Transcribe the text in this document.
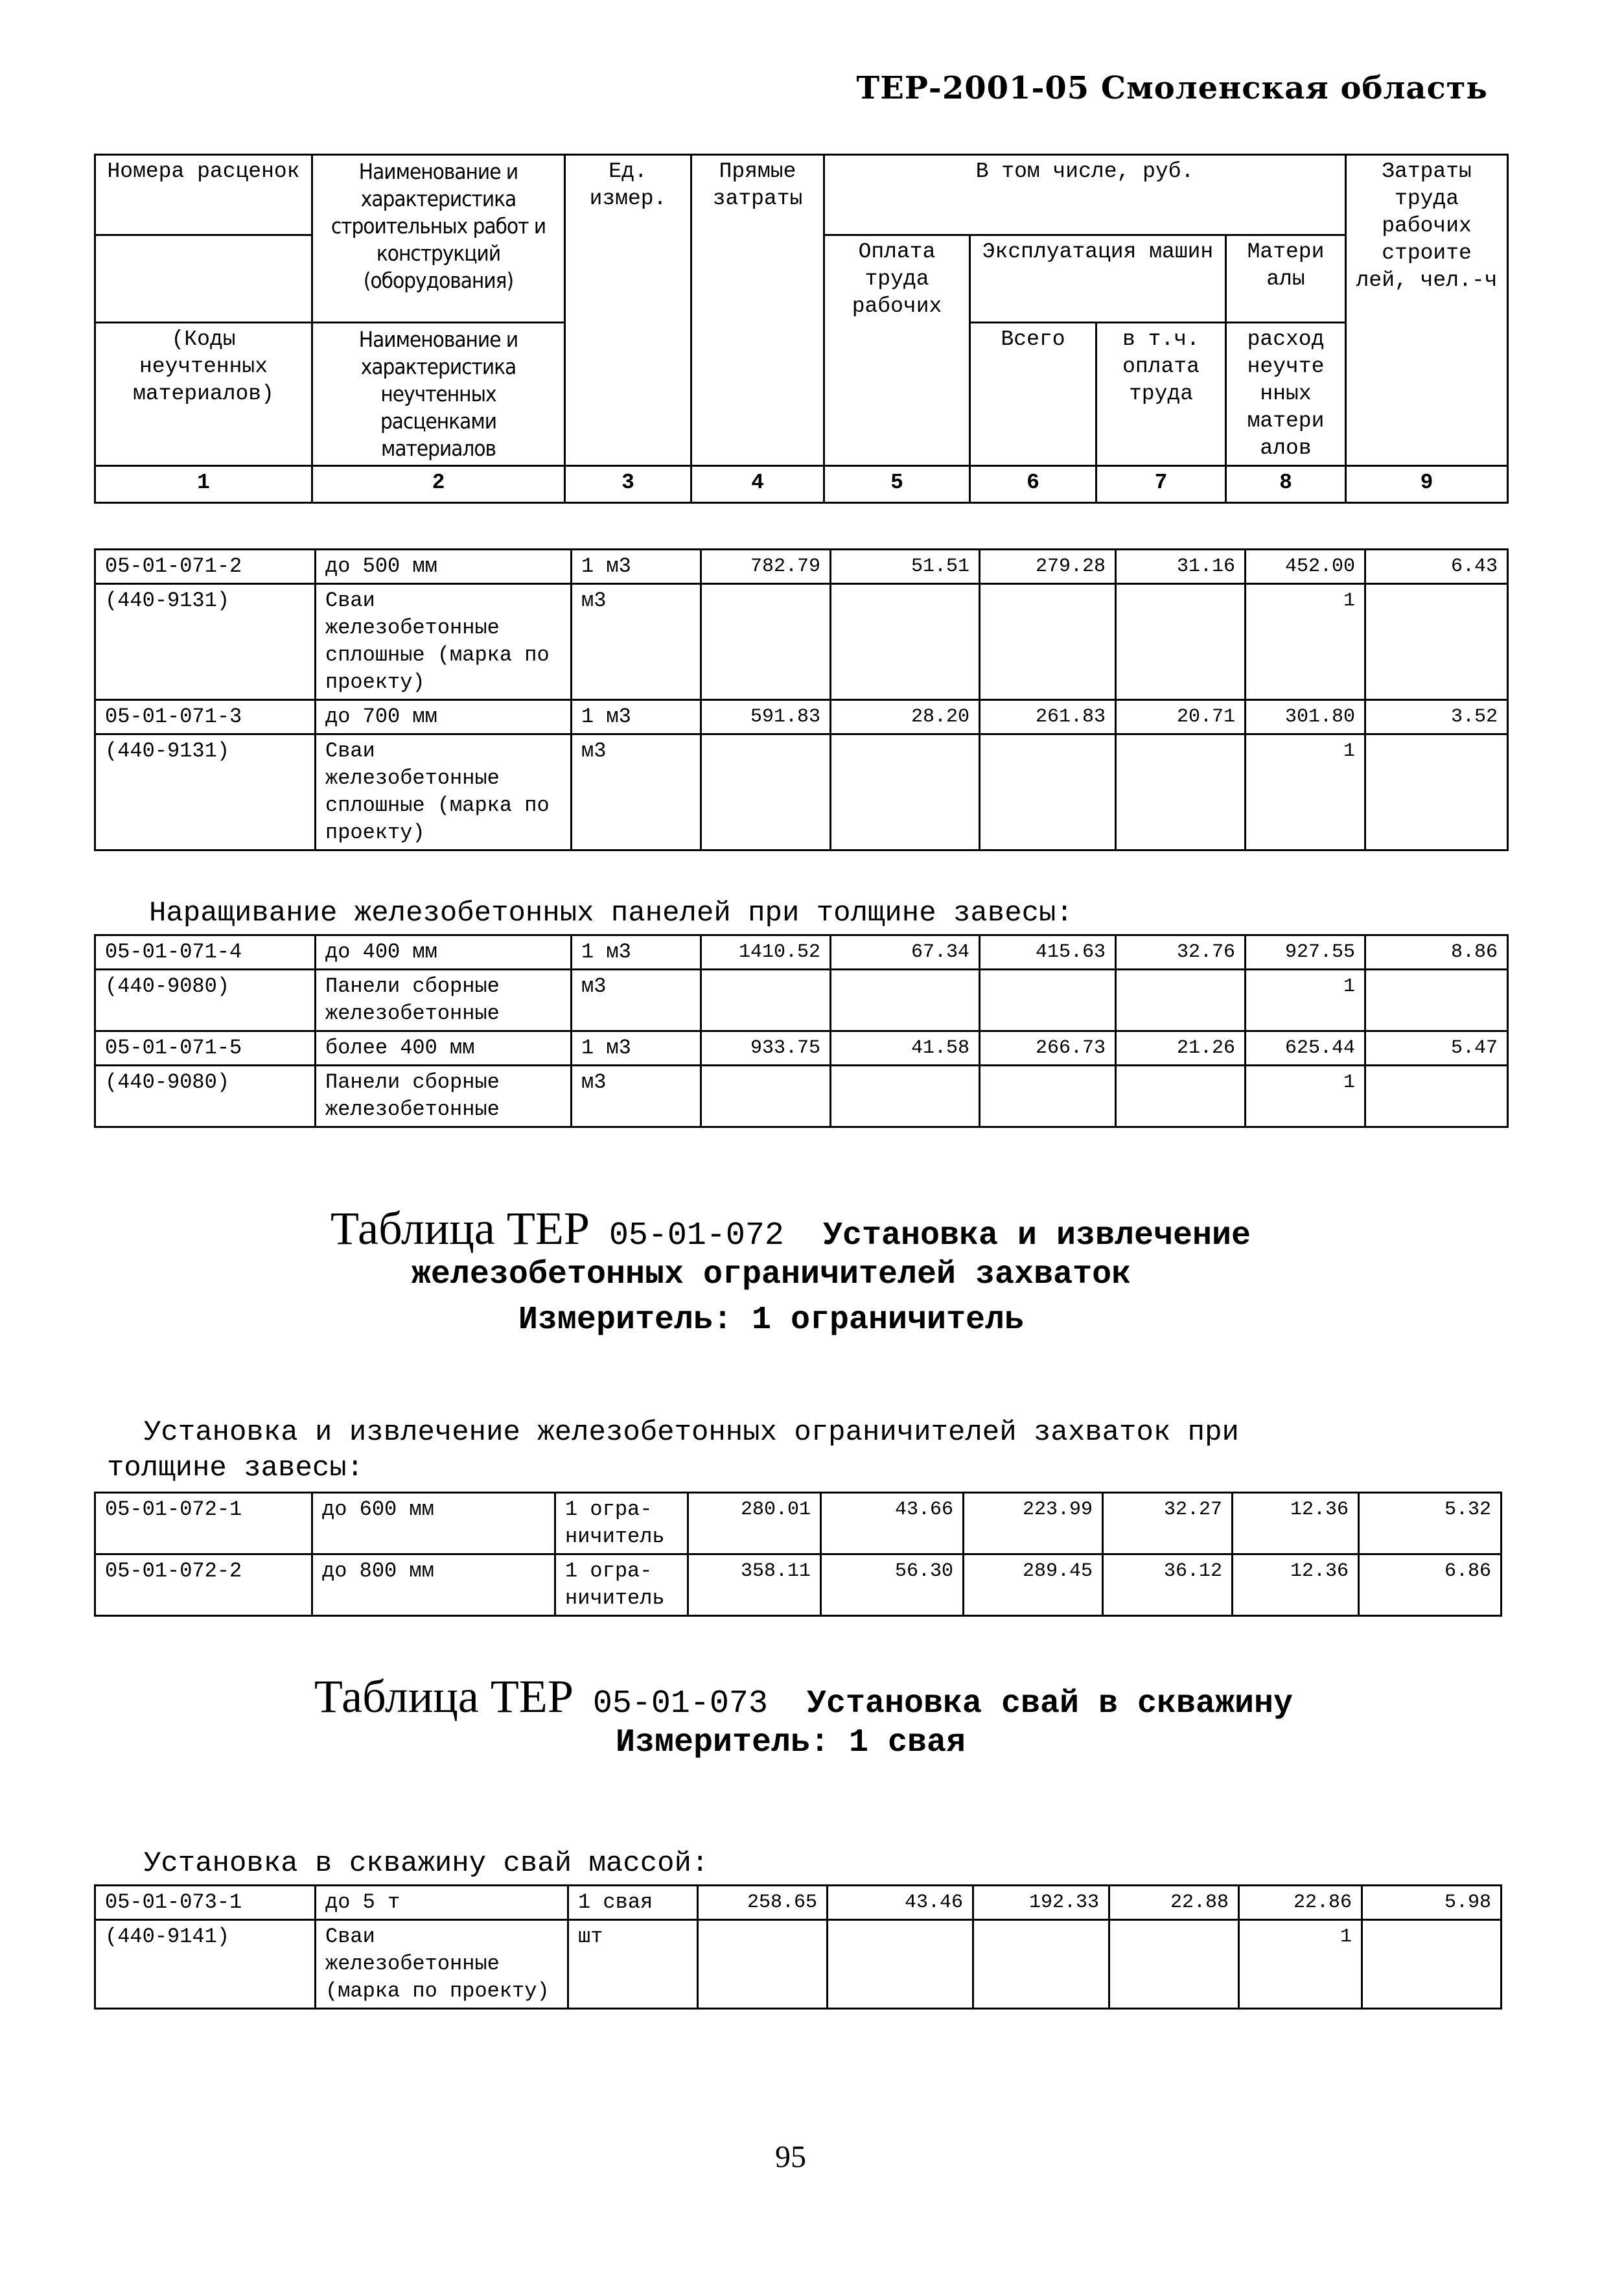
ТЕР-2001-05 Смоленская область
Номера расценок	Наименование и характеристика строительных работ и конструкций (оборудования)	Ед. измер.	Прямые затраты	В том числе, руб.				Затраты труда рабочих строите лей, чел.-ч
				Оплата труда рабочих	Эксплуатация машин		Матери алы	
(Коды неучтенных материалов)	Наименование и характеристика неучтенных расценками материалов				Всего	в т.ч. оплата труда	расход неучте нных матери алов	
1	2	3	4	5	6	7	8	9
05-01-071-2	до 500 мм	1 м3	782.79	51.51	279.28	31.16	452.00	6.43
(440-9131)	Сваи железобетонные сплошные (марка по проекту)	м3					1	
05-01-071-3	до 700 мм	1 м3	591.83	28.20	261.83	20.71	301.80	3.52
(440-9131)	Сваи железобетонные сплошные (марка по проекту)	м3					1	
Наращивание железобетонных панелей при толщине завесы:
05-01-071-4	до 400 мм	1 м3	1410.52	67.34	415.63	32.76	927.55	8.86
(440-9080)	Панели сборные железобетонные	м3					1	
05-01-071-5	более 400 мм	1 м3	933.75	41.58	266.73	21.26	625.44	5.47
(440-9080)	Панели сборные железобетонные	м3					1	
Таблица ТЕР 05-01-072 Установка и извлечение
железобетонных ограничителей захваток
Измеритель: 1 ограничитель
Установка и извлечение железобетонных ограничителей захваток при
толщине завесы:
05-01-072-1	до 600 мм	1 огра- ничитель	280.01	43.66	223.99	32.27	12.36	5.32
05-01-072-2	до 800 мм	1 огра- ничитель	358.11	56.30	289.45	36.12	12.36	6.86
Таблица ТЕР 05-01-073 Установка свай в скважину
Измеритель: 1 свая
Установка в скважину свай массой:
05-01-073-1	до 5 т	1 свая	258.65	43.46	192.33	22.88	22.86	5.98
(440-9141)	Сваи железобетонные (марка по проекту)	шт					1	
95
